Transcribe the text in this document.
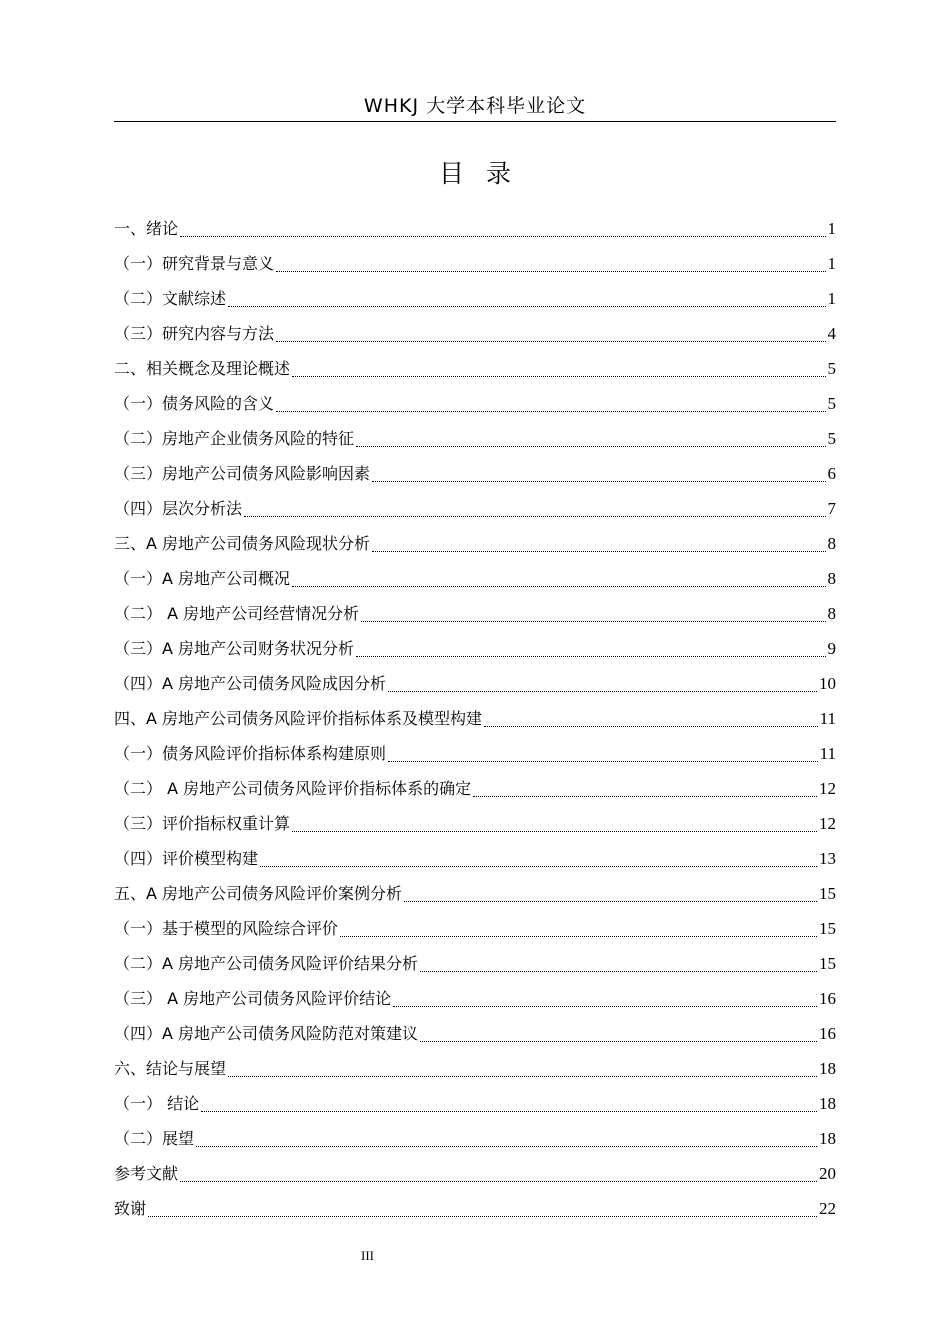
WHKJ 大学本科毕业论文
目录
一、绪论	1
（一）研究背景与意义	1
（二）文献综述	1
（三）研究内容与方法	4
二、相关概念及理论概述	5
（一）债务风险的含义	5
（二）房地产企业债务风险的特征	5
（三）房地产公司债务风险影响因素	6
（四）层次分析法	7
三、A 房地产公司债务风险现状分析	8
（一）A 房地产公司概况	8
（二） A 房地产公司经营情况分析	8
（三）A 房地产公司财务状况分析	9
（四）A 房地产公司债务风险成因分析	10
四、A 房地产公司债务风险评价指标体系及模型构建	11
（一）债务风险评价指标体系构建原则	11
（二） A 房地产公司债务风险评价指标体系的确定	12
（三）评价指标权重计算	12
（四）评价模型构建	13
五、A 房地产公司债务风险评价案例分析	15
（一）基于模型的风险综合评价	15
（二）A 房地产公司债务风险评价结果分析	15
（三） A 房地产公司债务风险评价结论	16
（四）A 房地产公司债务风险防范对策建议	16
六、结论与展望	18
（一） 结论	18
（二）展望	18
参考文献	20
致谢	22
III
